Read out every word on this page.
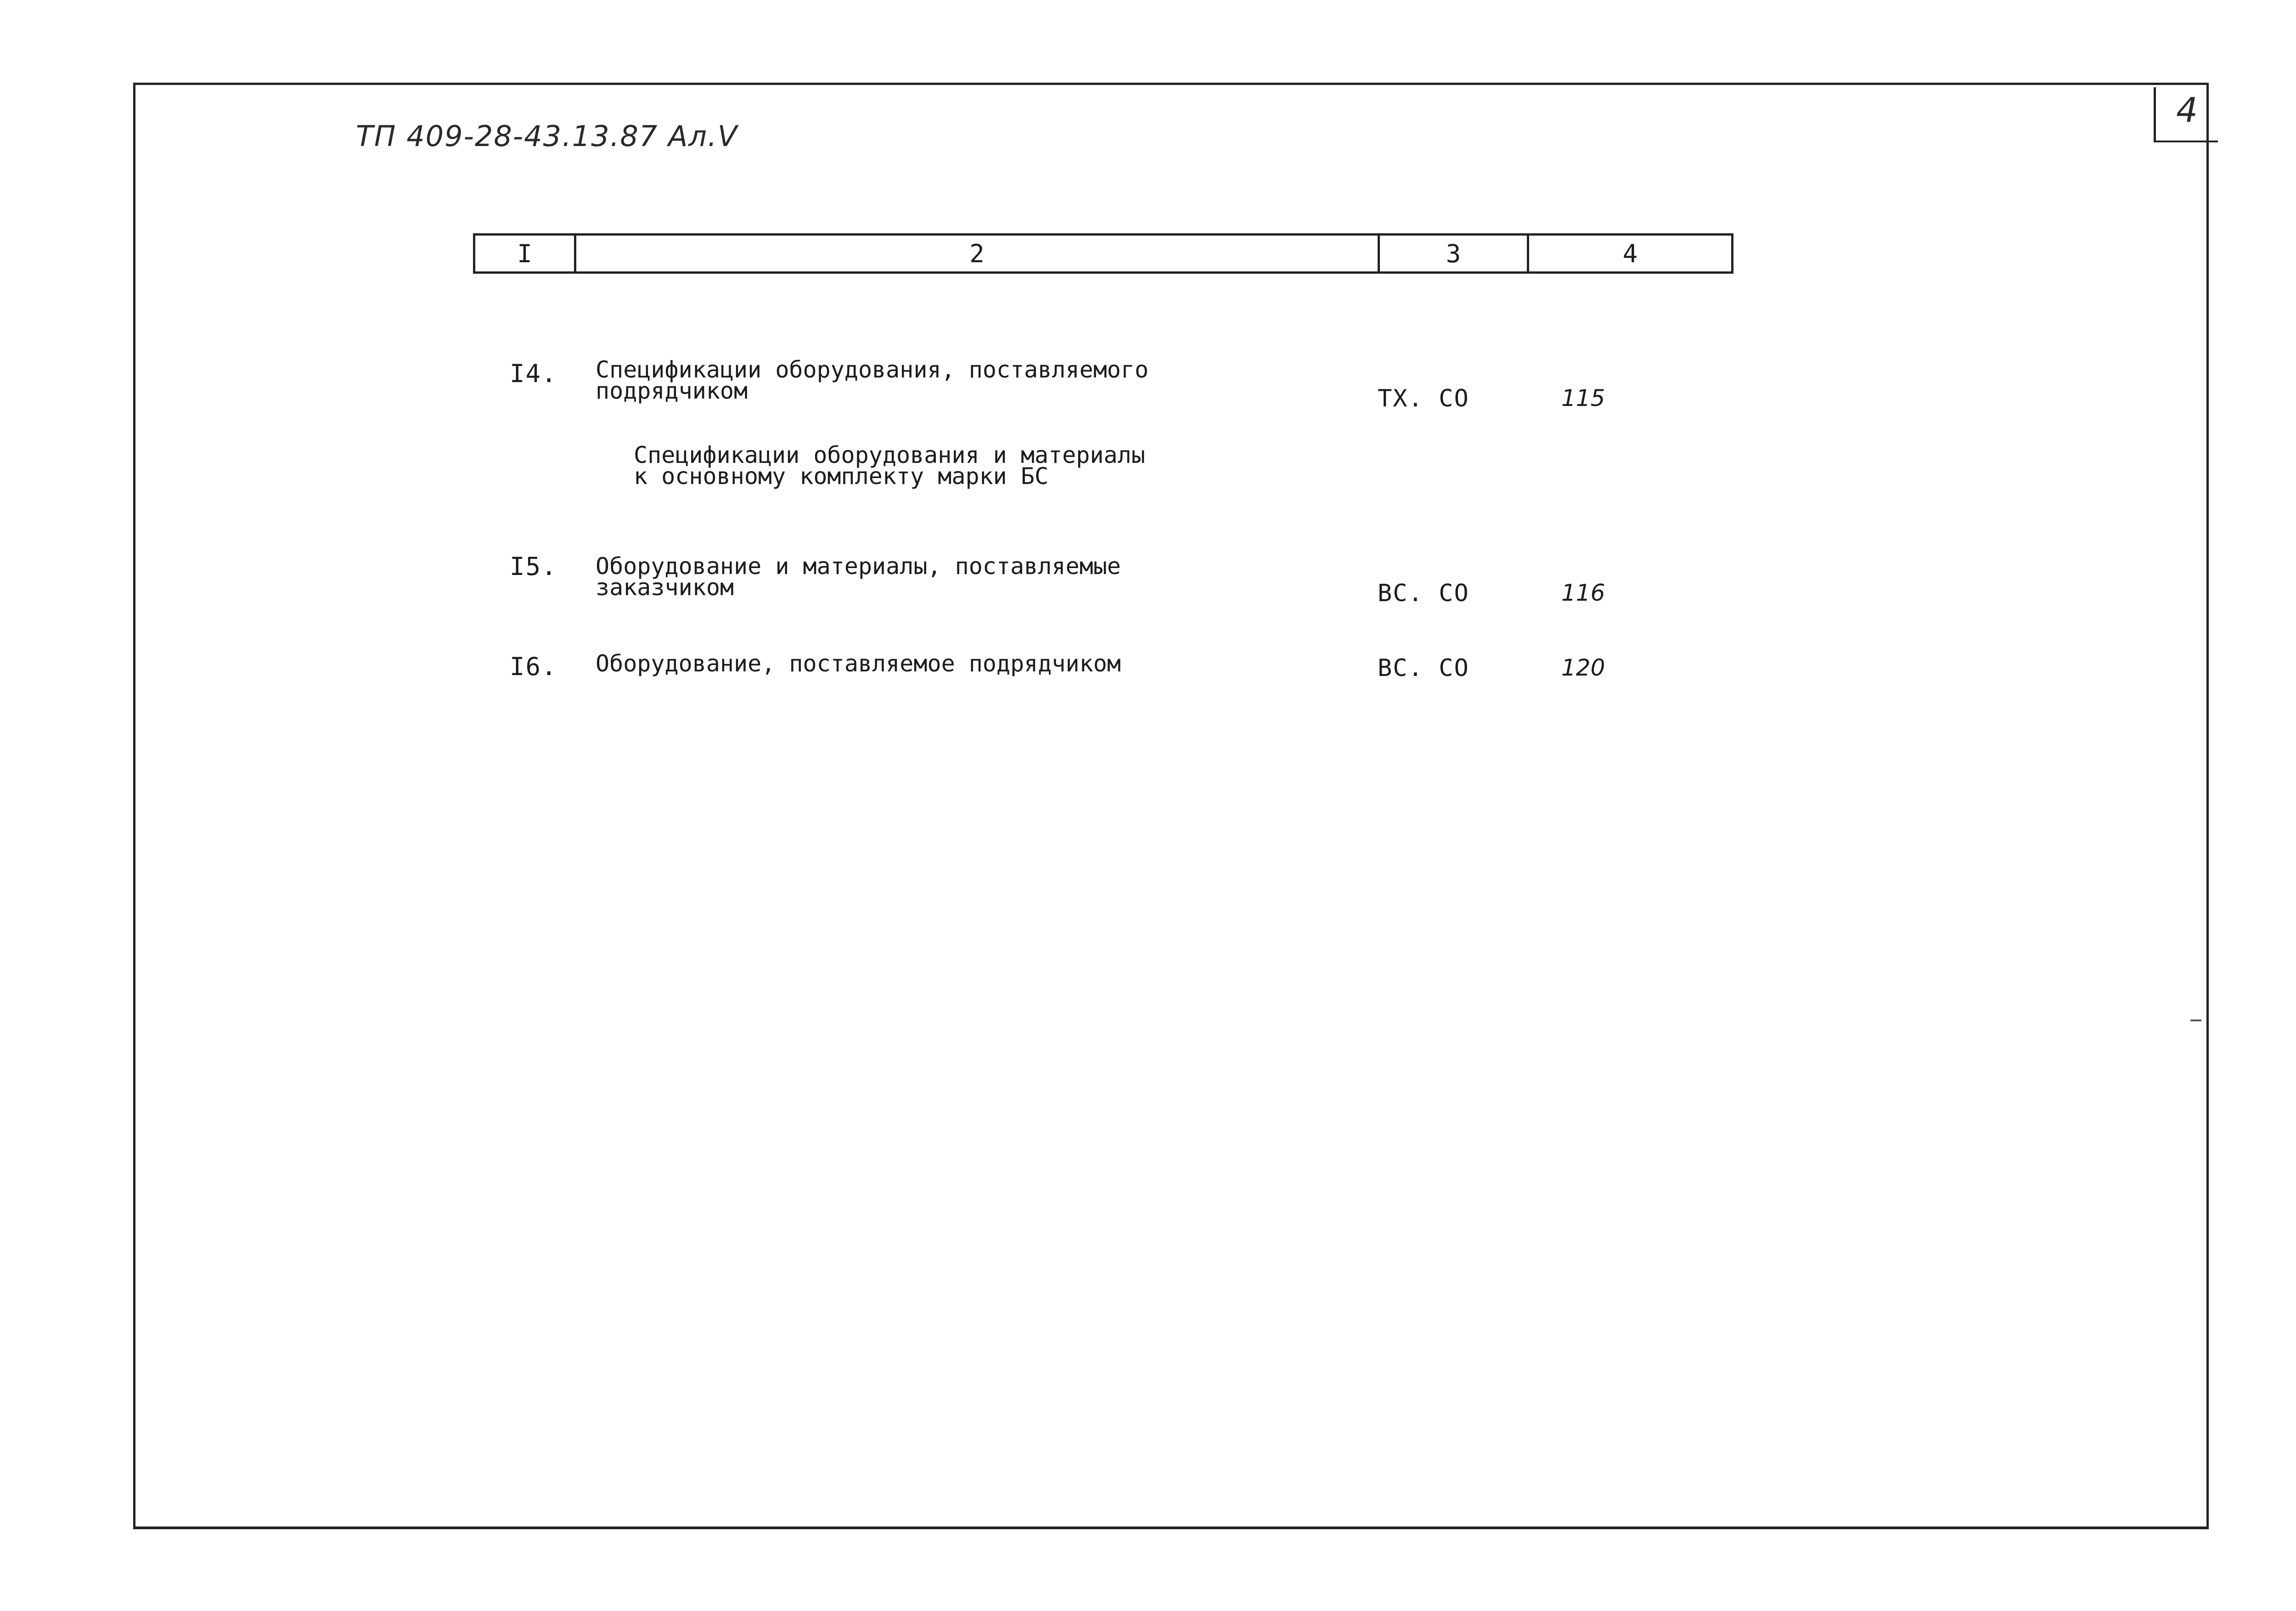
ТП 409-28-43.13.87 Ал.V
4
I	2	3	4
I4. Спецификации оборудования, поставляемого
подрядчиком	ТХ. СО	115
Спецификации оборудования и материалы
к основному комплекту марки БС
I5. Оборудование и материалы, поставляемые
заказчиком	ВС. СО	116
I6. Оборудование, поставляемое подрядчиком	ВС. СО	120
